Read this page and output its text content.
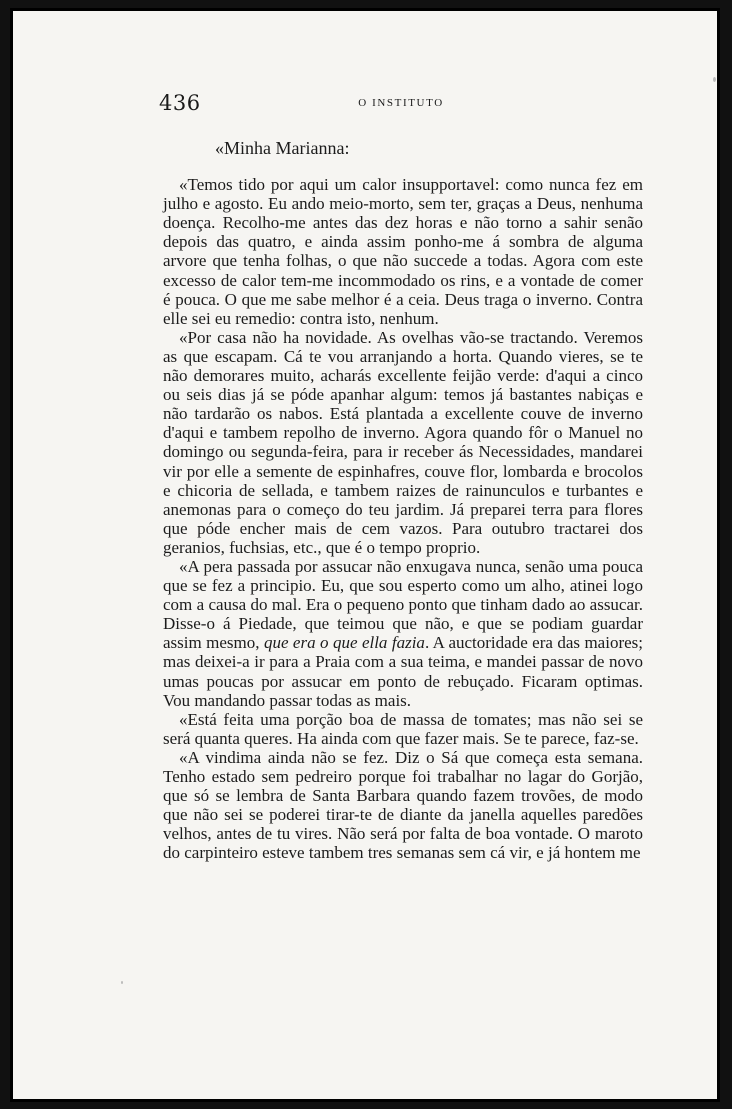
436	O INSTITUTO

«Minha Marianna:

«Temos tido por aqui um calor insupportavel: como nunca fez em julho e agosto. Eu ando meio-morto, sem ter, graças a Deus, nenhuma doença. Recolho-me antes das dez horas e não torno a sahir senão depois das quatro, e ainda assim ponho-me á sombra de alguma arvore que tenha folhas, o que não succede a todas. Agora com este excesso de calor tem-me incommodado os rins, e a vontade de comer é pouca. O que me sabe melhor é a ceia. Deus traga o inverno. Contra elle sei eu remedio: contra isto, nenhum.

«Por casa não ha novidade. As ovelhas vão-se tractando. Veremos as que escapam. Cá te vou arranjando a horta. Quando vieres, se te não demorares muito, acharás excellente feijão verde: d'aqui a cinco ou seis dias já se póde apanhar algum: temos já bastantes nabiças e não tardarão os nabos. Está plantada a excellente couve de inverno d'aqui e tambem repolho de inverno. Agora quando fôr o Manuel no domingo ou segunda-feira, para ir receber ás Necessidades, mandarei vir por elle a semente de espinhafres, couve flor, lombarda e brocolos e chicoria de sellada, e tambem raizes de rainunculos e turbantes e anemonas para o começo do teu jardim. Já preparei terra para flores que póde encher mais de cem vazos. Para outubro tractarei dos geranios, fuchsias, etc., que é o tempo proprio.

«A pera passada por assucar não enxugava nunca, senão uma pouca que se fez a principio. Eu, que sou esperto como um alho, atinei logo com a causa do mal. Era o pequeno ponto que tinham dado ao assucar. Disse-o á Piedade, que teimou que não, e que se podiam guardar assim mesmo, que era o que ella fazia. A auctoridade era das maiores; mas deixei-a ir para a Praia com a sua teima, e mandei passar de novo umas poucas por assucar em ponto de rebuçado. Ficaram optimas. Vou mandando passar todas as mais.

«Está feita uma porção boa de massa de tomates; mas não sei se será quanta queres. Ha ainda com que fazer mais. Se te parece, faz-se.

«A vindima ainda não se fez. Diz o Sá que começa esta semana. Tenho estado sem pedreiro porque foi trabalhar no lagar do Gorjão, que só se lembra de Santa Barbara quando fazem trovões, de modo que não sei se poderei tirar-te de diante da janella aquelles paredões velhos, antes de tu vires. Não será por falta de boa vontade. O maroto do carpinteiro esteve tambem tres semanas sem cá vir, e já hontem me
